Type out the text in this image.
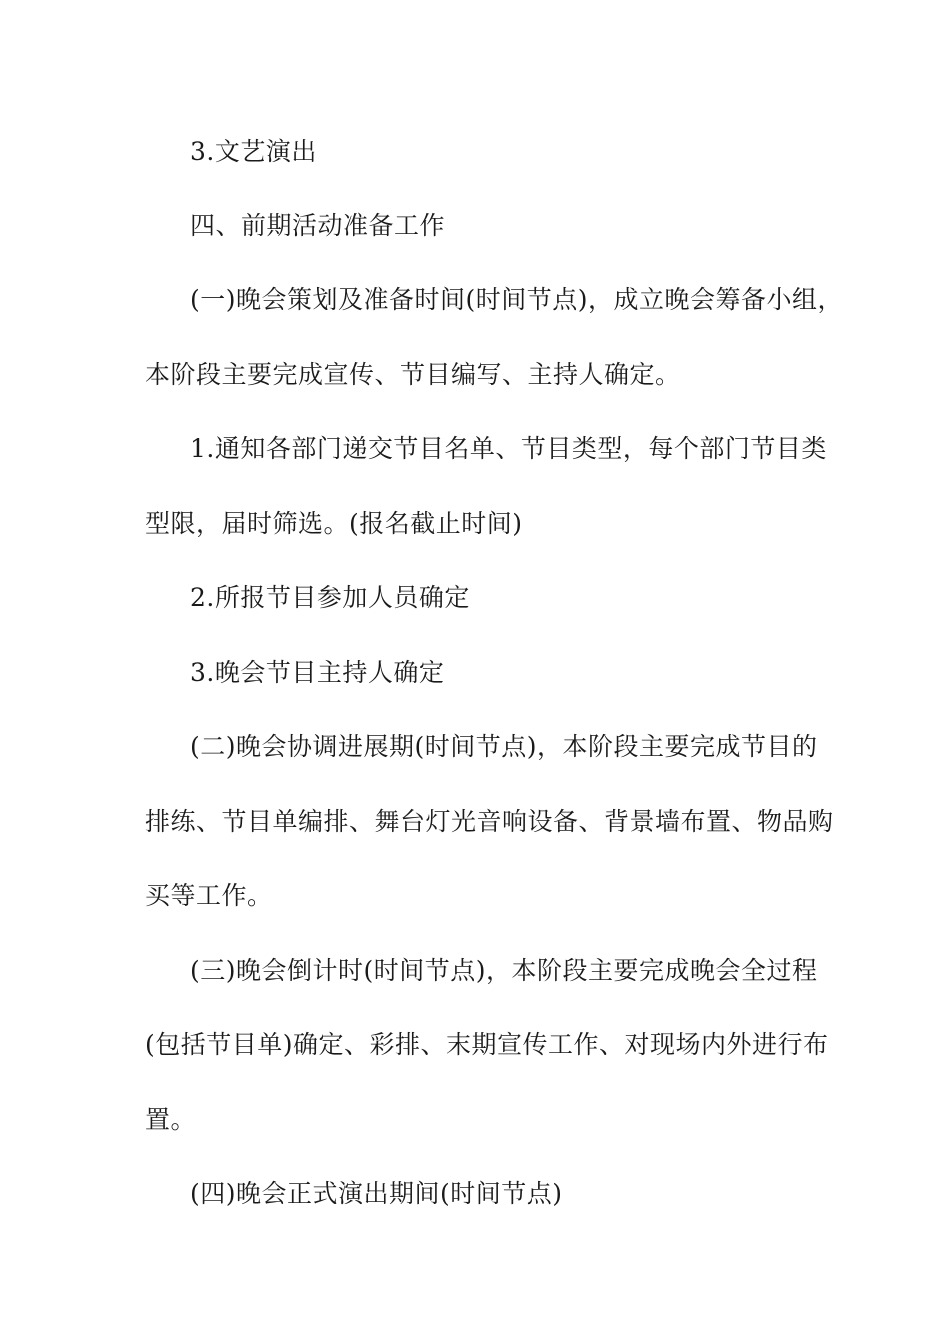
3.文艺演出

四、前期活动准备工作

(一)晚会策划及准备时间(时间节点)，成立晚会筹备小组，

本阶段主要完成宣传、节目编写、主持人确定。

1.通知各部门递交节目名单、节目类型，每个部门节目类

型限，届时筛选。(报名截止时间)

2.所报节目参加人员确定

3.晚会节目主持人确定

(二)晚会协调进展期(时间节点)，本阶段主要完成节目的

排练、节目单编排、舞台灯光音响设备、背景墙布置、物品购

买等工作。

(三)晚会倒计时(时间节点)，本阶段主要完成晚会全过程

(包括节目单)确定、彩排、末期宣传工作、对现场内外进行布

置。

(四)晚会正式演出期间(时间节点)
